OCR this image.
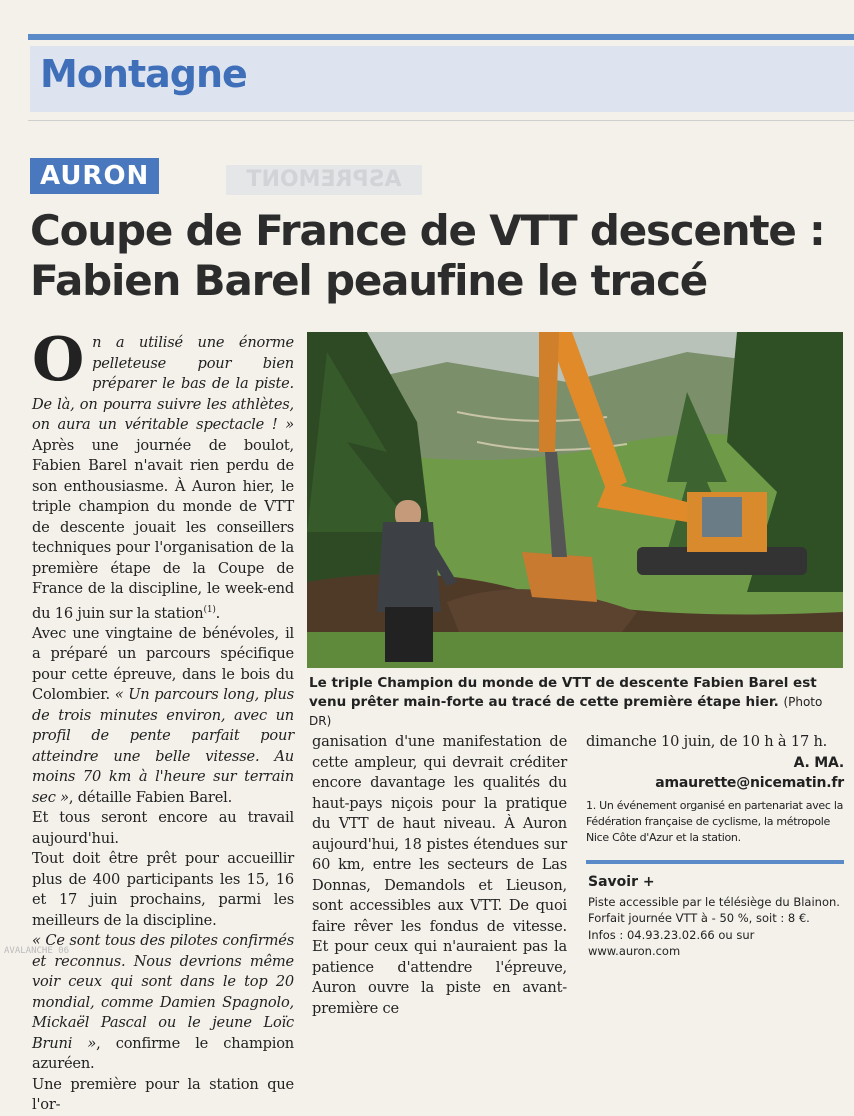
Montagne
AURON	ASPREMONT
Coupe de France de VTT descente :
Fabien Barel peaufine le tracé

On a utilisé une énorme pelleteuse pour bien préparer le bas de la piste. De là, on pourra suivre les athlètes, on aura un véritable spectacle ! » Après une journée de boulot, Fabien Barel n'avait rien perdu de son enthousiasme. À Auron hier, le triple champion du monde de VTT de descente jouait les conseillers techniques pour l'organisation de la première étape de la Coupe de France de la discipline, le week-end du 16 juin sur la station$^{(1)}$.

Avec une vingtaine de bénévoles, il a préparé un parcours spécifique pour cette épreuve, dans le bois du Colombier. « Un parcours long, plus de trois minutes environ, avec un profil de pente parfait pour atteindre une belle vitesse. Au moins 70 km à l'heure sur terrain sec », détaille Fabien Barel.

Et tous seront encore au travail aujourd'hui.

Tout doit être prêt pour accueillir plus de 400 participants les 15, 16 et 17 juin prochains, parmi les meilleurs de la discipline.

« Ce sont tous des pilotes confirmés et reconnus. Nous devrions même voir ceux qui sont dans le top 20 mondial, comme Damien Spagnolo, Mickaël Pascal ou le jeune Loïc Bruni », confirme le champion azuréen.

Une première pour la station que l'or-

Le triple Champion du monde de VTT de descente Fabien Barel est venu prêter main-forte au tracé de cette première étape hier. (Photo DR)

ganisation d'une manifestation de cette ampleur, qui devrait créditer encore davantage les qualités du haut-pays niçois pour la pratique du VTT de haut niveau. À Auron aujourd'hui, 18 pistes étendues sur 60 km, entre les secteurs de Las Donnas, Demandols et Lieuson, sont accessibles aux VTT. De quoi faire rêver les fondus de vitesse. Et pour ceux qui n'auraient pas la patience d'attendre l'épreuve, Auron ouvre la piste en avant-première ce

dimanche 10 juin, de 10 h à 17 h.

A. MA.
amaurette@nicematin.fr
1. Un événement organisé en partenariat avec la Fédération française de cyclisme, la métropole Nice Côte d'Azur et la station.
Savoir +

Piste accessible par le télésiège du Blainon.

Forfait journée VTT à - 50 %, soit : 8 €.

Infos : 04.93.23.02.66 ou sur www.auron.com

AVALANCHE 06
